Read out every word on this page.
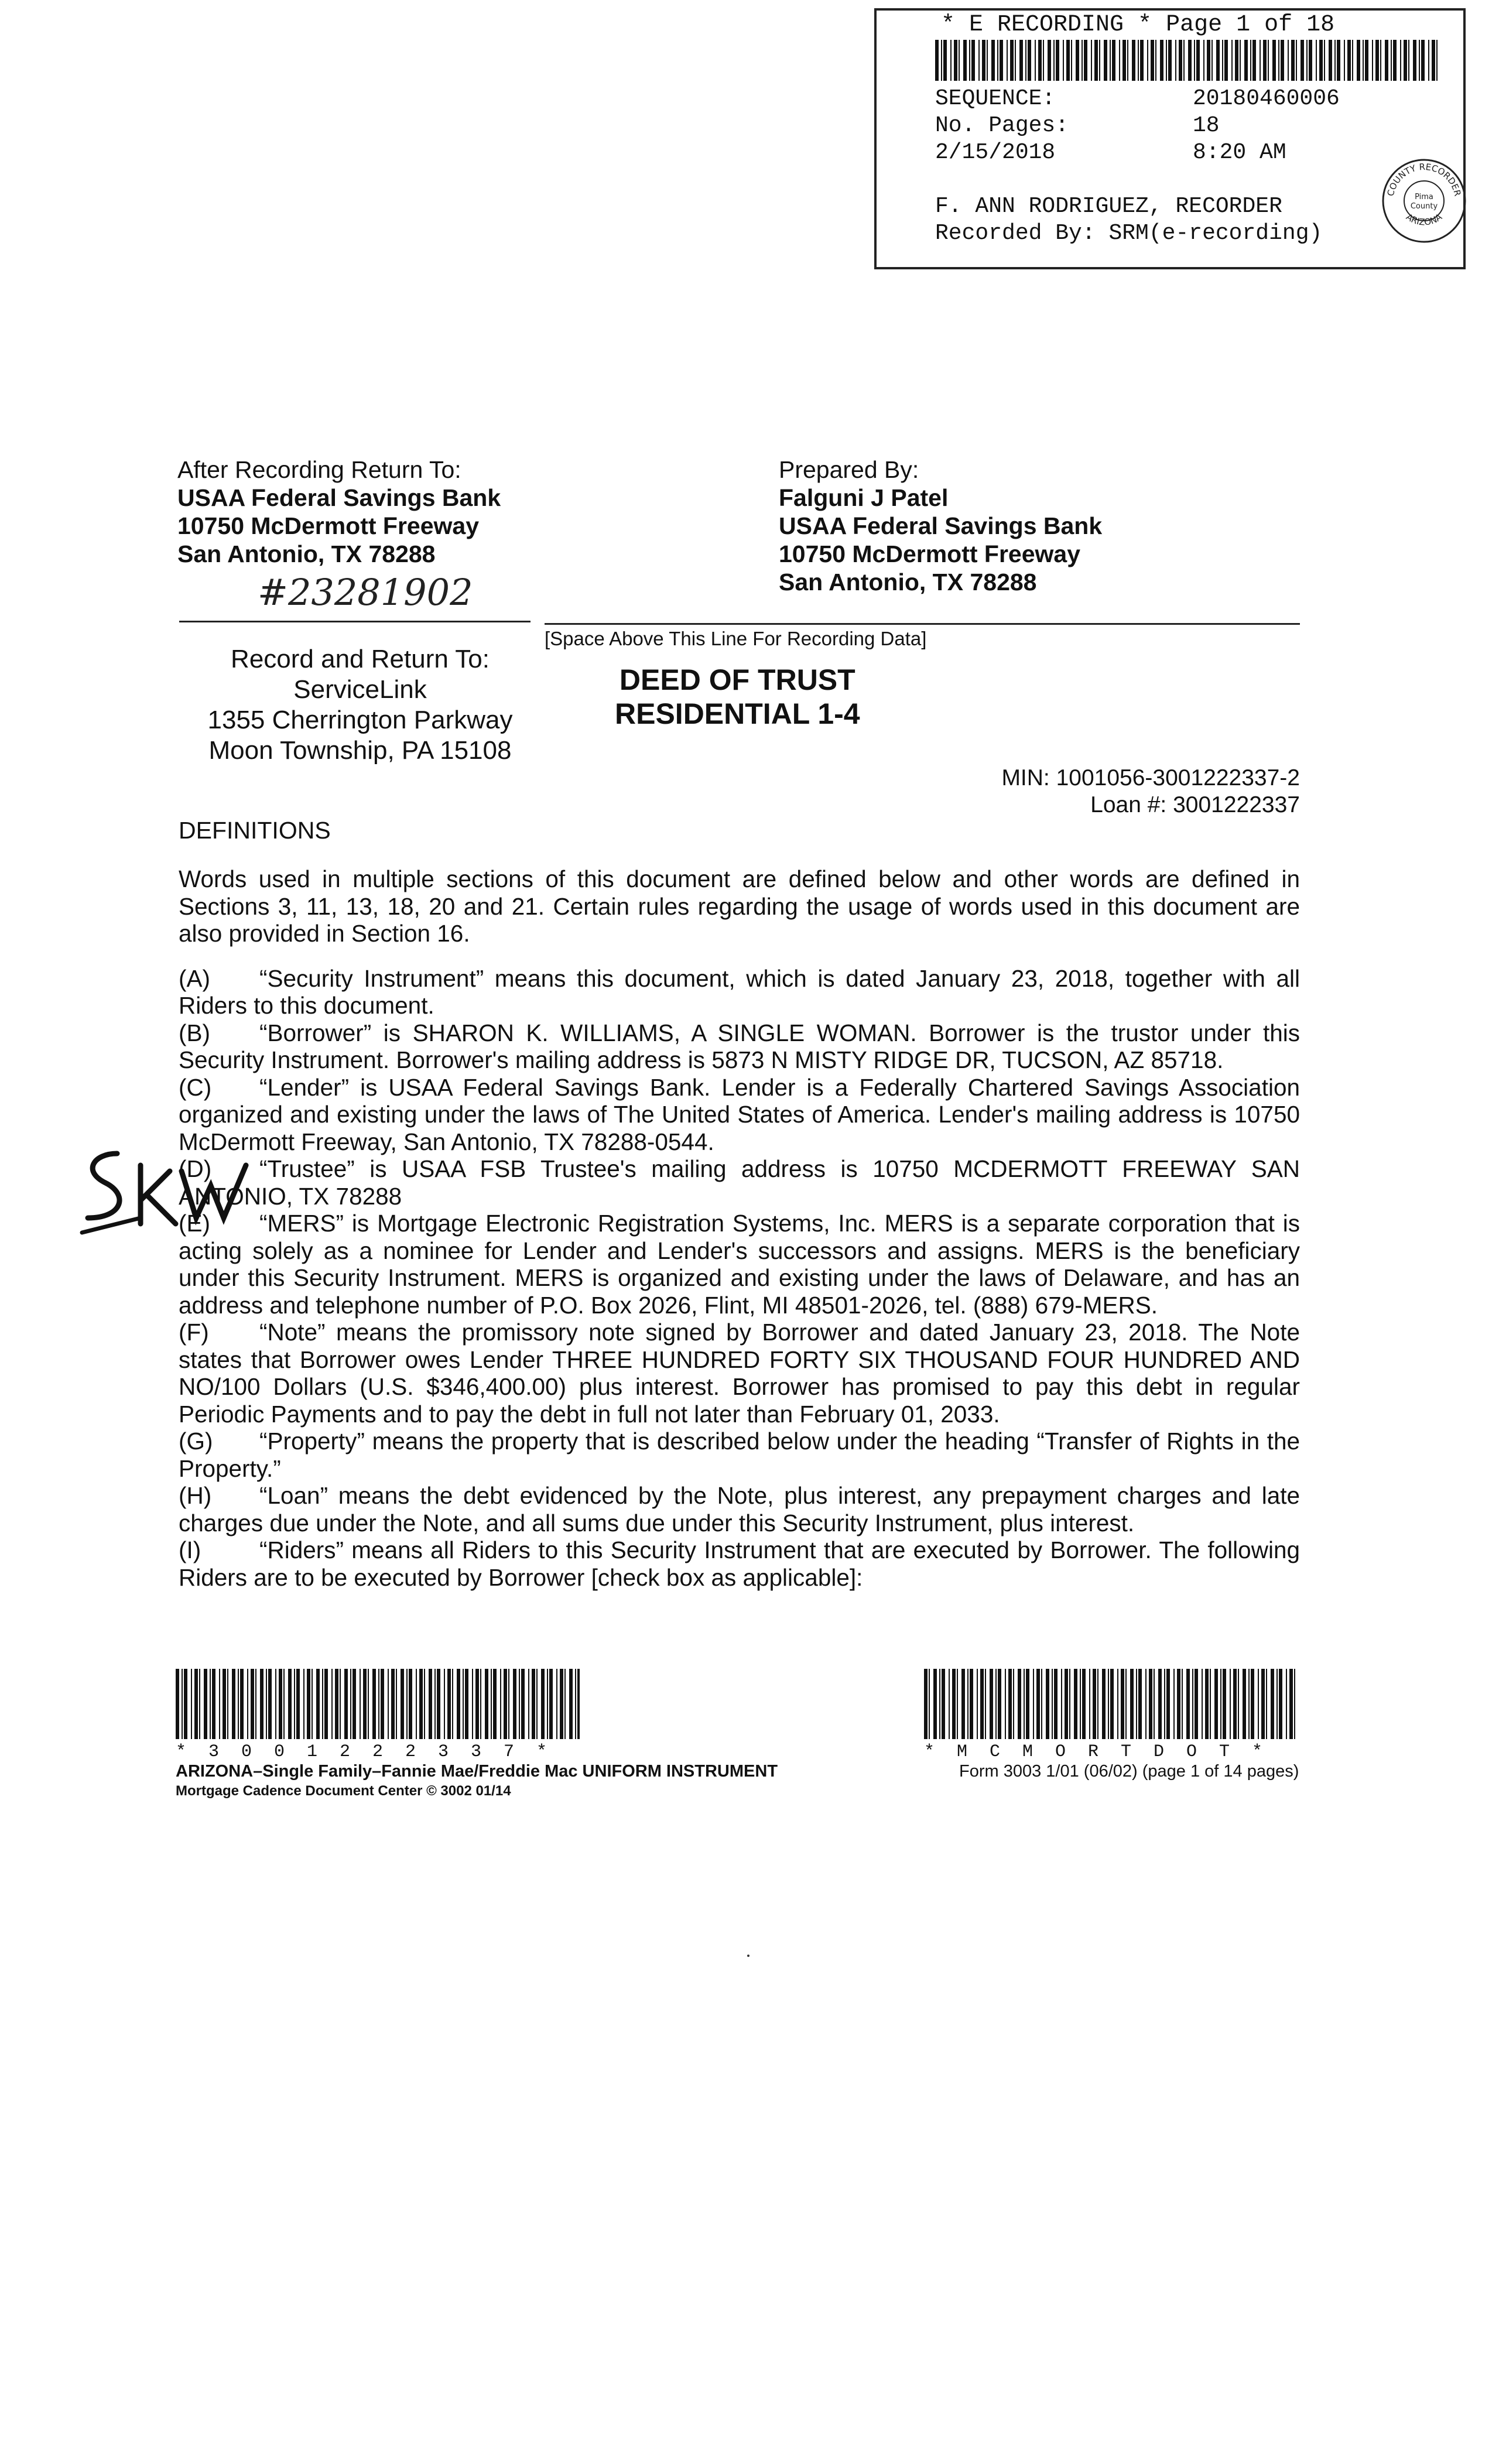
* E RECORDING * Page 1 of 18
SEQUENCE:	20180460006
No. Pages:	18
2/15/2018	8:20 AM
F. ANN RODRIGUEZ, RECORDER
Recorded By: SRM(e-recording)
COUNTY RECORDER
ARIZONA
Pima
County
After Recording Return To:
USAA Federal Savings Bank
10750 McDermott Freeway
San Antonio, TX 78288
Prepared By:
Falguni J Patel
USAA Federal Savings Bank
10750 McDermott Freeway
San Antonio, TX 78288
#23281902
[Space Above This Line For Recording Data]
Record and Return To:
ServiceLink
1355 Cherrington Parkway
Moon Township, PA 15108
DEED OF TRUST
RESIDENTIAL 1-4
MIN: 1001056-3001222337-2
Loan #: 3001222337
DEFINITIONS

Words used in multiple sections of this document are defined below and other words are defined in Sections 3, 11, 13, 18, 20 and 21. Certain rules regarding the usage of words used in this document are also provided in Section 16.

(A) “Security Instrument” means this document, which is dated January 23, 2018, together with all Riders to this document.

(B) “Borrower” is SHARON K. WILLIAMS, A SINGLE WOMAN. Borrower is the trustor under this Security Instrument. Borrower's mailing address is 5873 N MISTY RIDGE DR, TUCSON, AZ 85718.

(C) “Lender” is USAA Federal Savings Bank. Lender is a Federally Chartered Savings Association organized and existing under the laws of The United States of America. Lender's mailing address is 10750 McDermott Freeway, San Antonio, TX 78288-0544.

(D) “Trustee” is USAA FSB Trustee's mailing address is 10750 MCDERMOTT FREEWAY SAN ANTONIO, TX 78288

(E) “MERS” is Mortgage Electronic Registration Systems, Inc. MERS is a separate corporation that is acting solely as a nominee for Lender and Lender's successors and assigns. MERS is the beneficiary under this Security Instrument. MERS is organized and existing under the laws of Delaware, and has an address and telephone number of P.O. Box 2026, Flint, MI 48501-2026, tel. (888) 679-MERS.

(F) “Note” means the promissory note signed by Borrower and dated January 23, 2018. The Note states that Borrower owes Lender THREE HUNDRED FORTY SIX THOUSAND FOUR HUNDRED AND NO/100 Dollars (U.S. $346,400.00) plus interest. Borrower has promised to pay this debt in regular Periodic Payments and to pay the debt in full not later than February 01, 2033.

(G) “Property” means the property that is described below under the heading “Transfer of Rights in the Property.”

(H) “Loan” means the debt evidenced by the Note, plus interest, any prepayment charges and late charges due under the Note, and all sums due under this Security Instrument, plus interest.

(I) “Riders” means all Riders to this Security Instrument that are executed by Borrower. The following Riders are to be executed by Borrower [check box as applicable]:

SKW
*3001222337*
ARIZONA–Single Family–Fannie Mae/Freddie Mac UNIFORM INSTRUMENT
Mortgage Cadence Document Center © 3002 01/14
*MCMORTDOT*
Form 3003 1/01 (06/02) (page 1 of 14 pages)
